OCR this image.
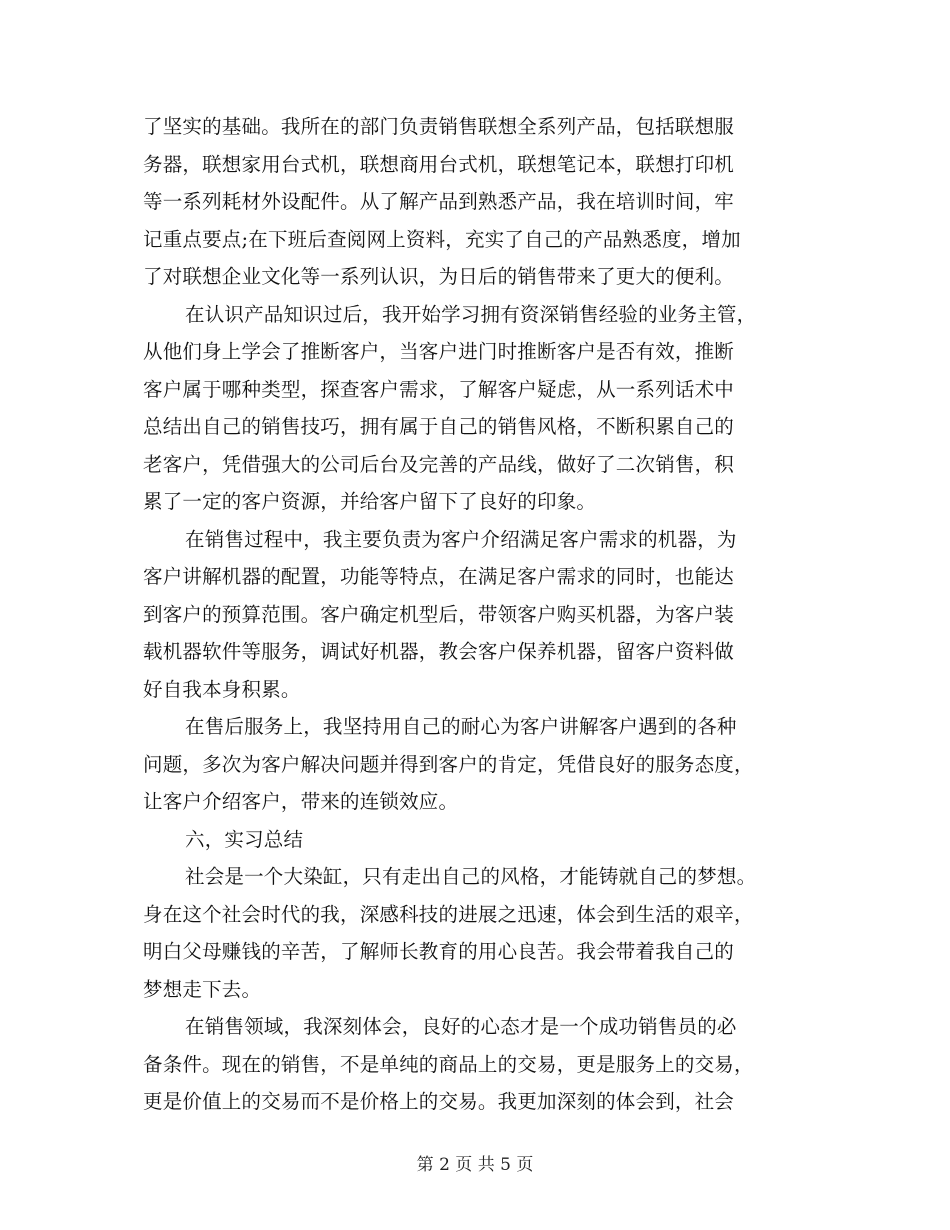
了坚实的基础。我所在的部门负责销售联想全系列产品，包括联想服
务器，联想家用台式机，联想商用台式机，联想笔记本，联想打印机
等一系列耗材外设配件。从了解产品到熟悉产品，我在培训时间，牢
记重点要点;在下班后查阅网上资料，充实了自己的产品熟悉度，增加
了对联想企业文化等一系列认识，为日后的销售带来了更大的便利。
在认识产品知识过后，我开始学习拥有资深销售经验的业务主管，
从他们身上学会了推断客户，当客户进门时推断客户是否有效，推断
客户属于哪种类型，探查客户需求，了解客户疑虑，从一系列话术中
总结出自己的销售技巧，拥有属于自己的销售风格，不断积累自己的
老客户，凭借强大的公司后台及完善的产品线，做好了二次销售，积
累了一定的客户资源，并给客户留下了良好的印象。
在销售过程中，我主要负责为客户介绍满足客户需求的机器，为
客户讲解机器的配置，功能等特点，在满足客户需求的同时，也能达
到客户的预算范围。客户确定机型后，带领客户购买机器，为客户装
载机器软件等服务，调试好机器，教会客户保养机器，留客户资料做
好自我本身积累。
在售后服务上，我坚持用自己的耐心为客户讲解客户遇到的各种
问题，多次为客户解决问题并得到客户的肯定，凭借良好的服务态度，
让客户介绍客户，带来的连锁效应。
六，实习总结
社会是一个大染缸，只有走出自己的风格，才能铸就自己的梦想。
身在这个社会时代的我，深感科技的进展之迅速，体会到生活的艰辛，
明白父母赚钱的辛苦，了解师长教育的用心良苦。我会带着我自己的
梦想走下去。
在销售领域，我深刻体会，良好的心态才是一个成功销售员的必
备条件。现在的销售，不是单纯的商品上的交易，更是服务上的交易，
更是价值上的交易而不是价格上的交易。我更加深刻的体会到，社会
第 2 页 共 5 页
